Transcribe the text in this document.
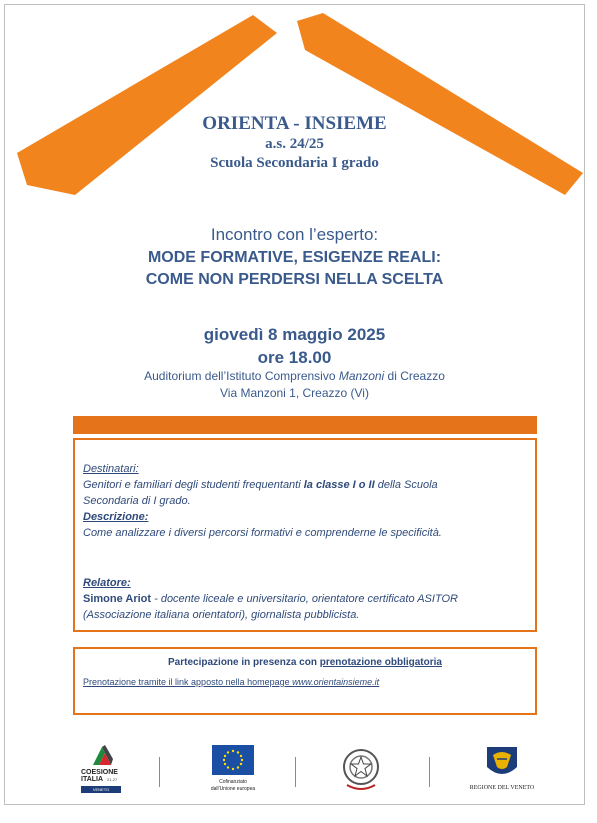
ORIENTA - INSIEME
a.s. 24/25
Scuola Secondaria I grado
Incontro con l’esperto:
MODE FORMATIVE, ESIGENZE REALI:
COME NON PERDERSI NELLA SCELTA
giovedì 8 maggio 2025
ore 18.00
Auditorium dell’Istituto Comprensivo Manzoni di Creazzo
Via Manzoni 1, Creazzo (Vi)
Destinatari:
Genitori e familiari degli studenti frequentanti la classe I o II della Scuola
Secondaria di I grado.
Descrizione:
Come analizzare i diversi percorsi formativi e comprenderne le specificità.
Relatore:
Simone Ariot - docente liceale e universitario, orientatore certificato ASITOR
(Associazione italiana orientatori), giornalista pubblicista.
Partecipazione in presenza con prenotazione obbligatoria
Prenotazione tramite il link apposto nella homepage www.orientainsieme.it
COESIONE
ITALIA 21-27
VENETO
Cofinanziato
dall'Unione europea	REGIONE DEL VENETO
